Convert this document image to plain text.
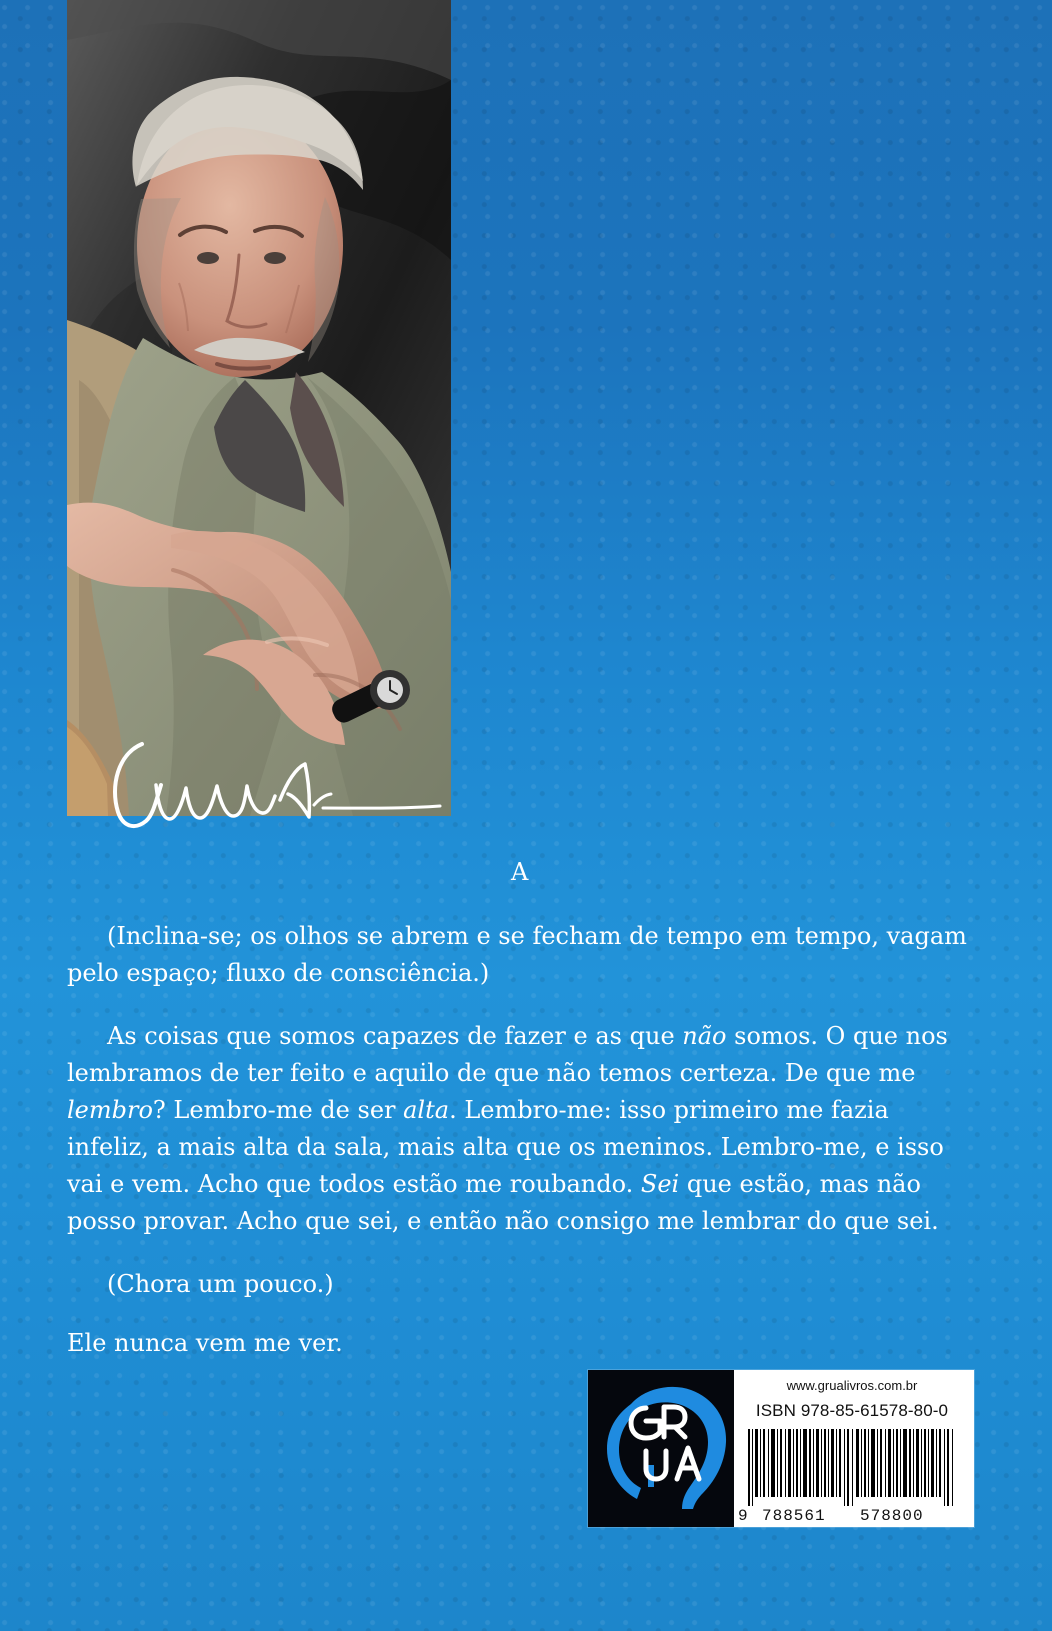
A

(Inclina-se; os olhos se abrem e se fecham de tempo em tempo, vagam pelo espaço; fluxo de consciência.)

As coisas que somos capazes de fazer e as que não somos. O que nos lembramos de ter feito e aquilo de que não temos certeza. De que me lembro? Lembro-me de ser alta. Lembro-me: isso primeiro me fazia infeliz, a mais alta da sala, mais alta que os meninos. Lembro-me, e isso vai e vem. Acho que todos estão me roubando. Sei que estão, mas não posso provar. Acho que sei, e então não consigo me lembrar do que sei.

(Chora um pouco.)

Ele nunca vem me ver.

www.grualivros.com.br
ISBN 978-85-61578-80-0
9 788561 578800
